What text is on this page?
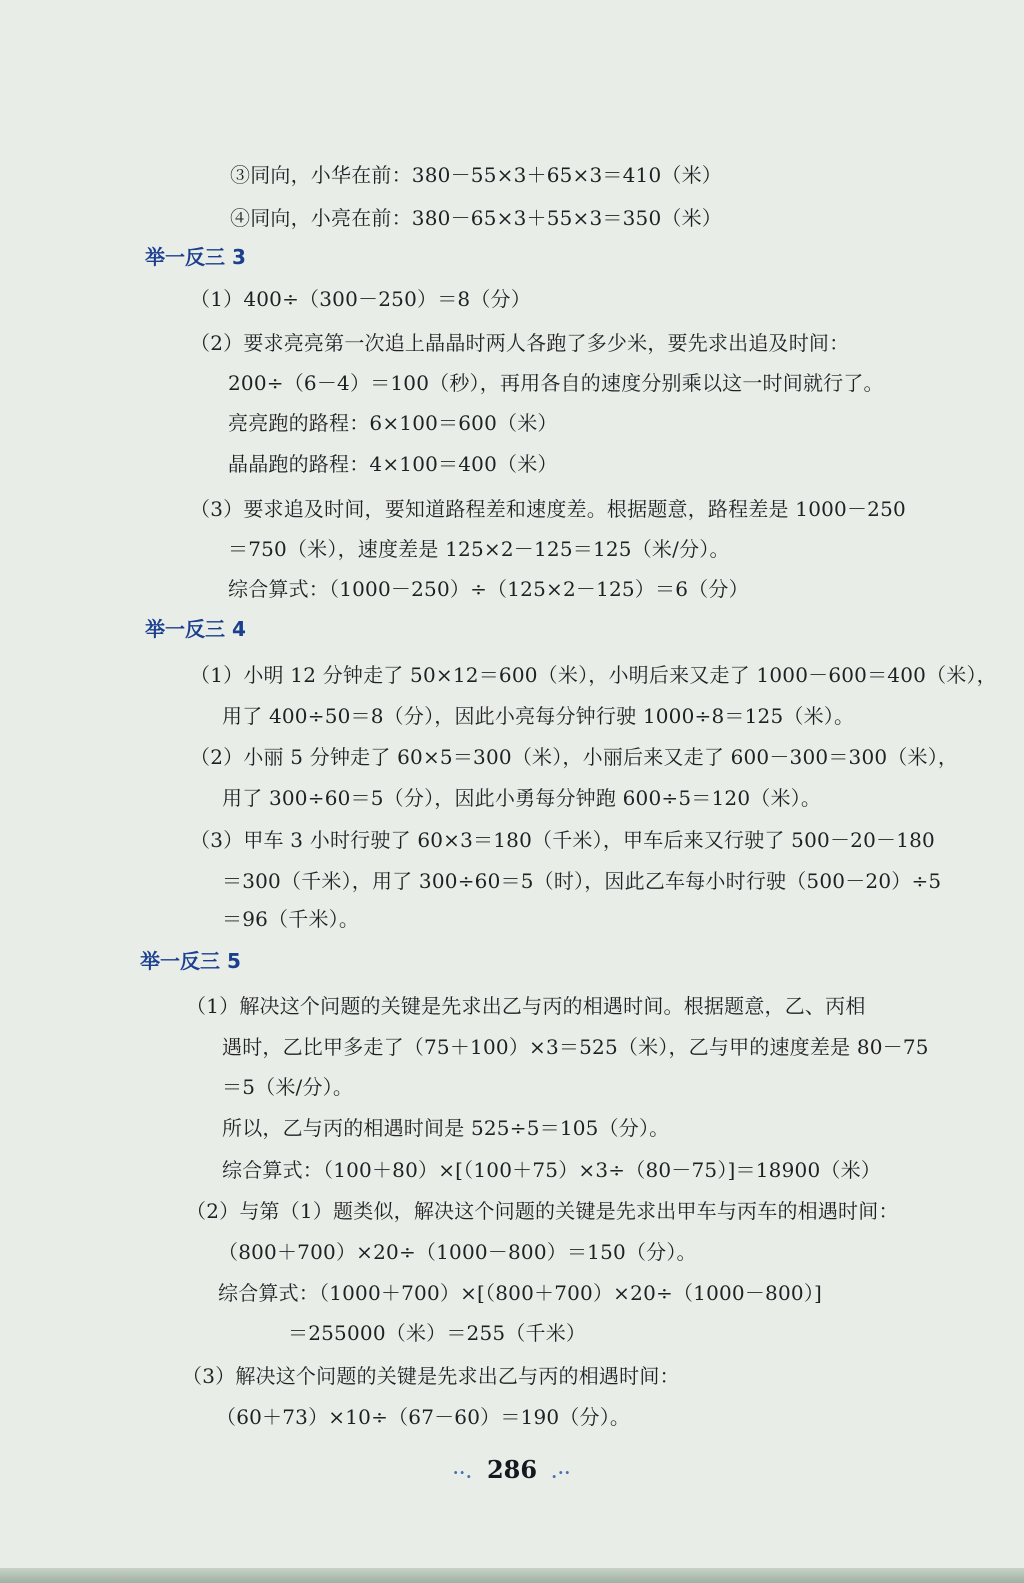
③同向，小华在前：380－55×3＋65×3＝410（米）
④同向，小亮在前：380－65×3＋55×3＝350（米）
举一反三 3
（1）400÷（300－250）＝8（分）
（2）要求亮亮第一次追上晶晶时两人各跑了多少米，要先求出追及时间：
200÷（6－4）＝100（秒），再用各自的速度分别乘以这一时间就行了。
亮亮跑的路程：6×100＝600（米）
晶晶跑的路程：4×100＝400（米）
（3）要求追及时间，要知道路程差和速度差。根据题意，路程差是 1000－250
＝750（米），速度差是 125×2－125＝125（米/分）。
综合算式：（1000－250）÷（125×2－125）＝6（分）
举一反三 4
（1）小明 12 分钟走了 50×12＝600（米），小明后来又走了 1000－600＝400（米），
用了 400÷50＝8（分），因此小亮每分钟行驶 1000÷8＝125（米）。
（2）小丽 5 分钟走了 60×5＝300（米），小丽后来又走了 600－300＝300（米），
用了 300÷60＝5（分），因此小勇每分钟跑 600÷5＝120（米）。
（3）甲车 3 小时行驶了 60×3＝180（千米），甲车后来又行驶了 500－20－180
＝300（千米），用了 300÷60＝5（时），因此乙车每小时行驶（500－20）÷5
＝96（千米）。
举一反三 5
（1）解决这个问题的关键是先求出乙与丙的相遇时间。根据题意，乙、丙相
遇时，乙比甲多走了（75＋100）×3＝525（米），乙与甲的速度差是 80－75
＝5（米/分）。
所以，乙与丙的相遇时间是 525÷5＝105（分）。
综合算式：（100＋80）×[（100＋75）×3÷（80－75）]＝18900（米）
（2）与第（1）题类似，解决这个问题的关键是先求出甲车与丙车的相遇时间：
（800＋700）×20÷（1000－800）＝150（分）。
综合算式：（1000＋700）×[（800＋700）×20÷（1000－800）]
＝255000（米）＝255（千米）
（3）解决这个问题的关键是先求出乙与丙的相遇时间：
（60＋73）×10÷（67－60）＝190（分）。
··. 286 .··
